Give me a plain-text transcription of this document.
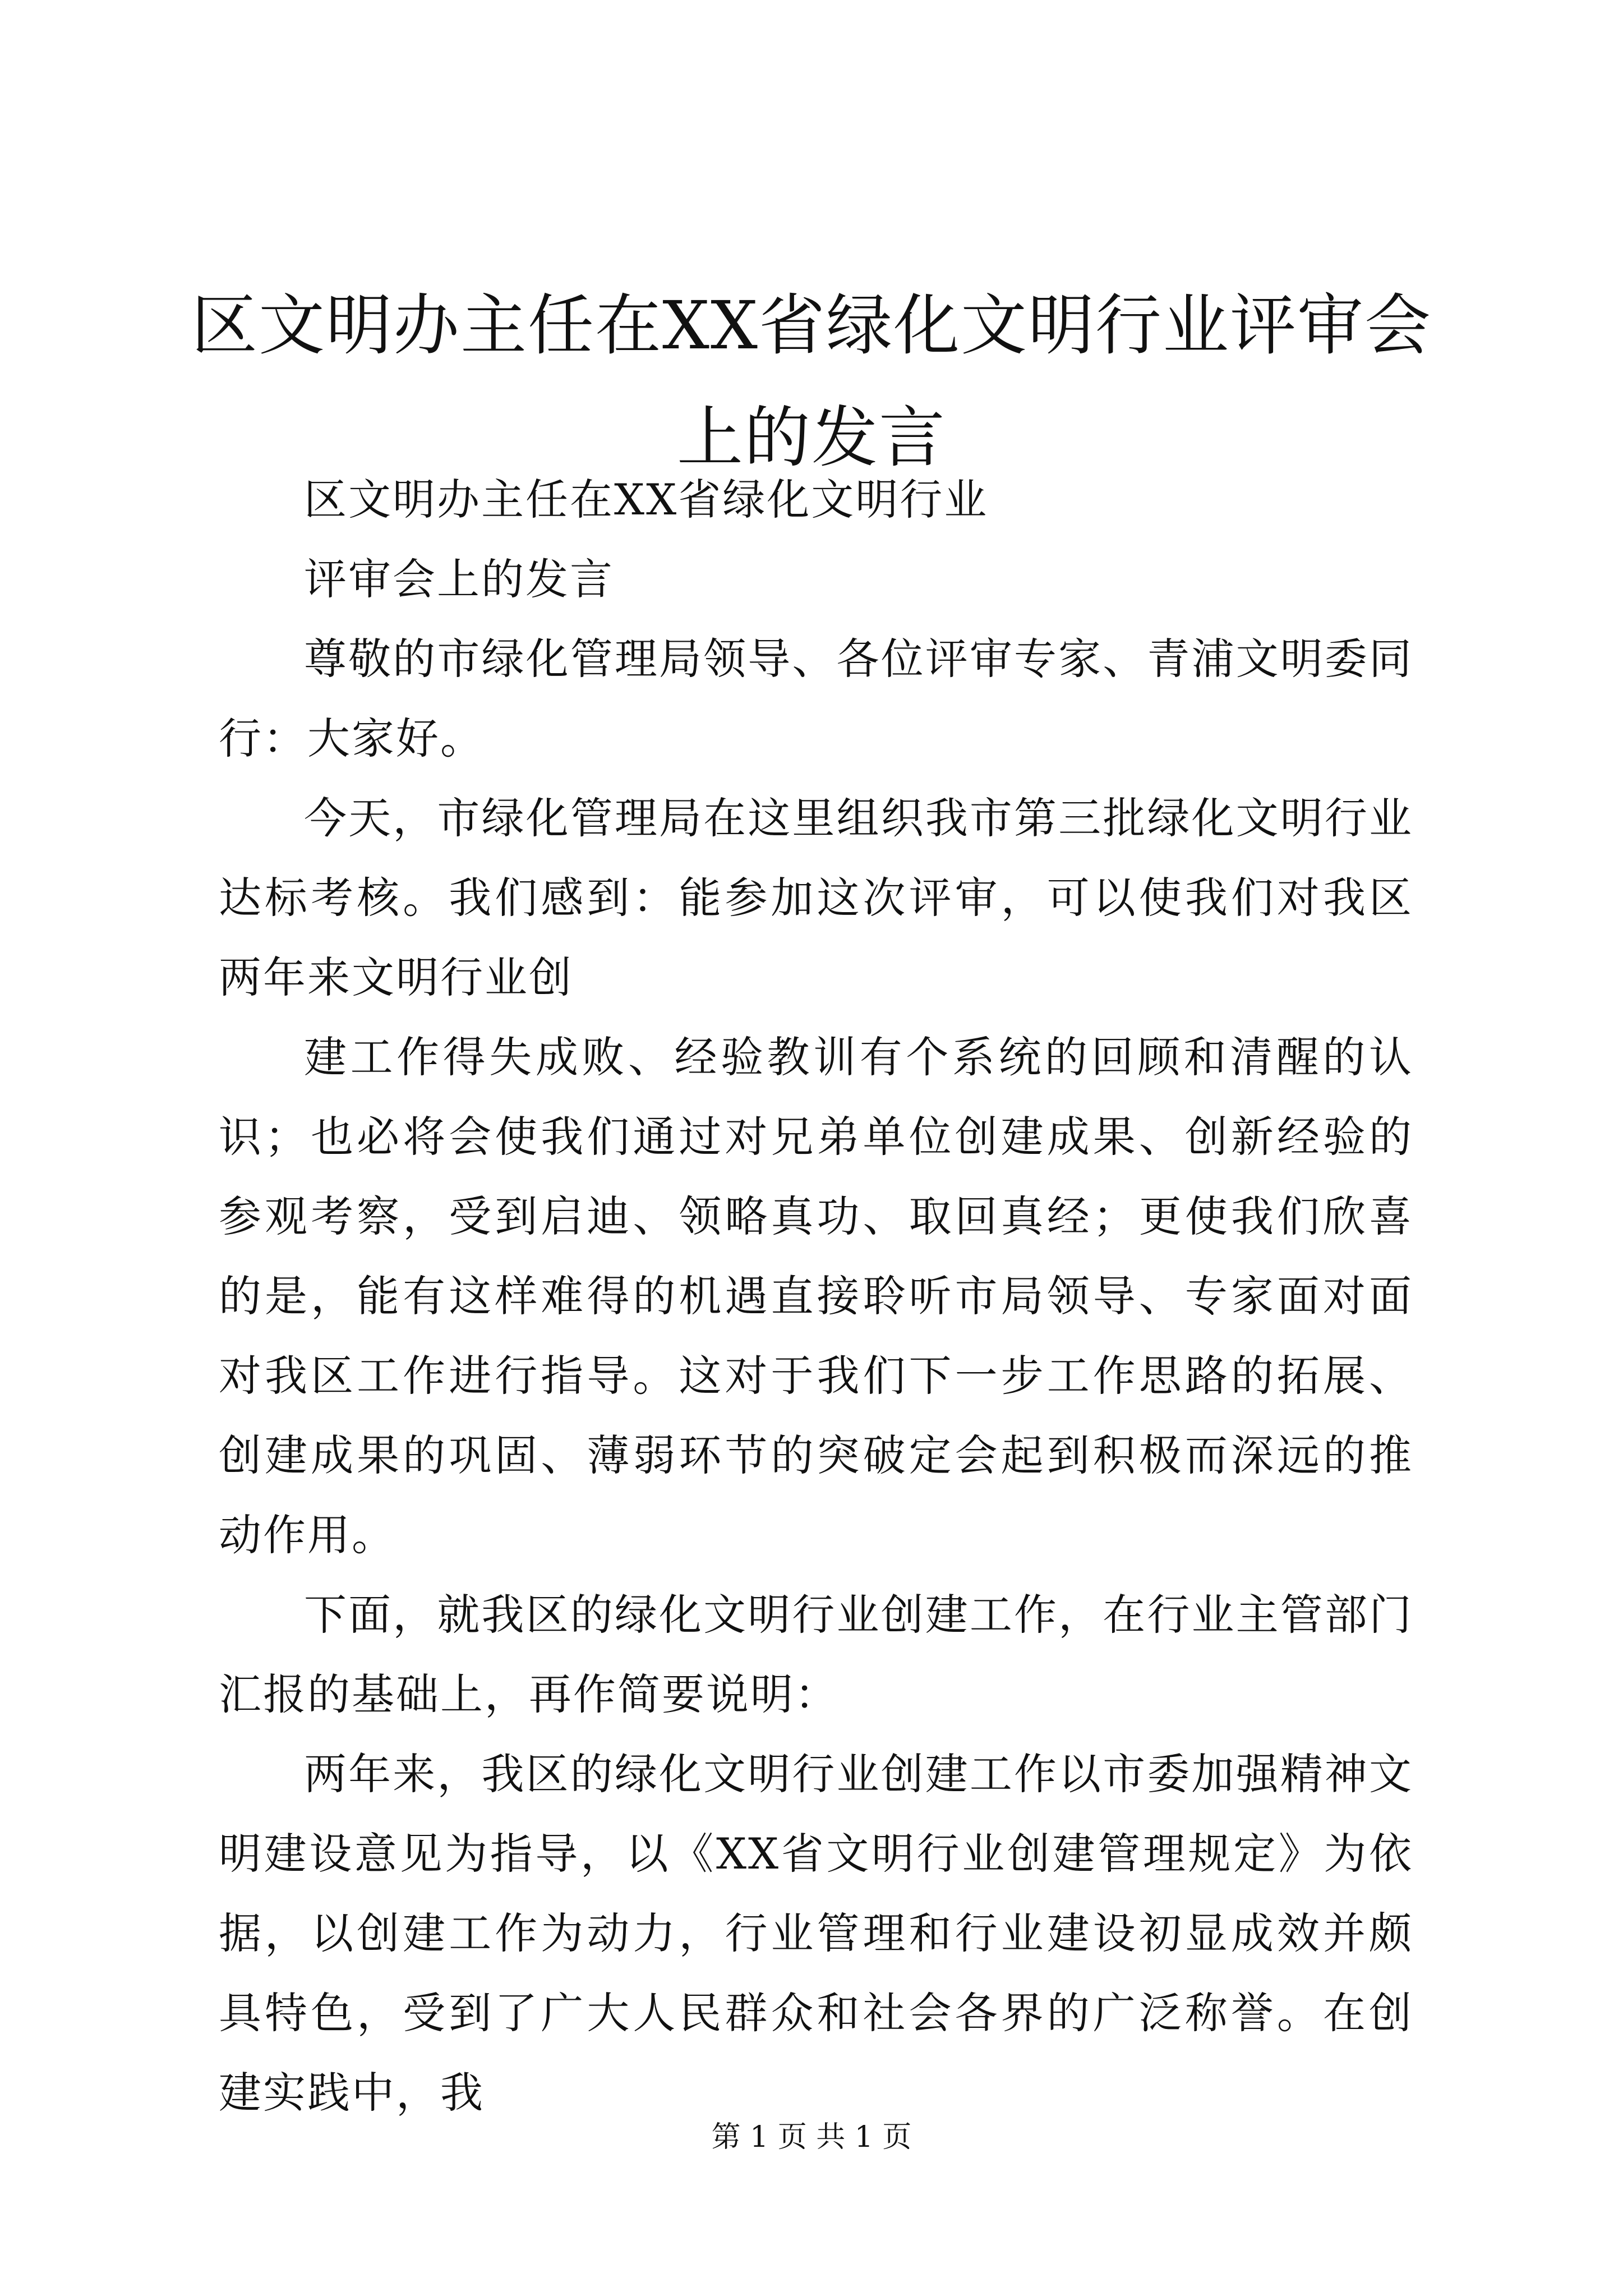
区文明办主任在XX省绿化文明行业评审会上的发言

区文明办主任在XX省绿化文明行业

评审会上的发言

尊敬的市绿化管理局领导、各位评审专家、青浦文明委同行：大家好。

今天，市绿化管理局在这里组织我市第三批绿化文明行业达标考核。我们感到：能参加这次评审，可以使我们对我区两年来文明行业创

建工作得失成败、经验教训有个系统的回顾和清醒的认识；也必将会使我们通过对兄弟单位创建成果、创新经验的参观考察，受到启迪、领略真功、取回真经；更使我们欣喜的是，能有这样难得的机遇直接聆听市局领导、专家面对面对我区工作进行指导。这对于我们下一步工作思路的拓展、创建成果的巩固、薄弱环节的突破定会起到积极而深远的推动作用。

下面，就我区的绿化文明行业创建工作，在行业主管部门汇报的基础上，再作简要说明：

两年来，我区的绿化文明行业创建工作以市委加强精神文明建设意见为指导，以《XX省文明行业创建管理规定》为依据，以创建工作为动力，行业管理和行业建设初显成效并颇具特色，受到了广大人民群众和社会各界的广泛称誉。在创建实践中，我

第 1 页 共 1 页
